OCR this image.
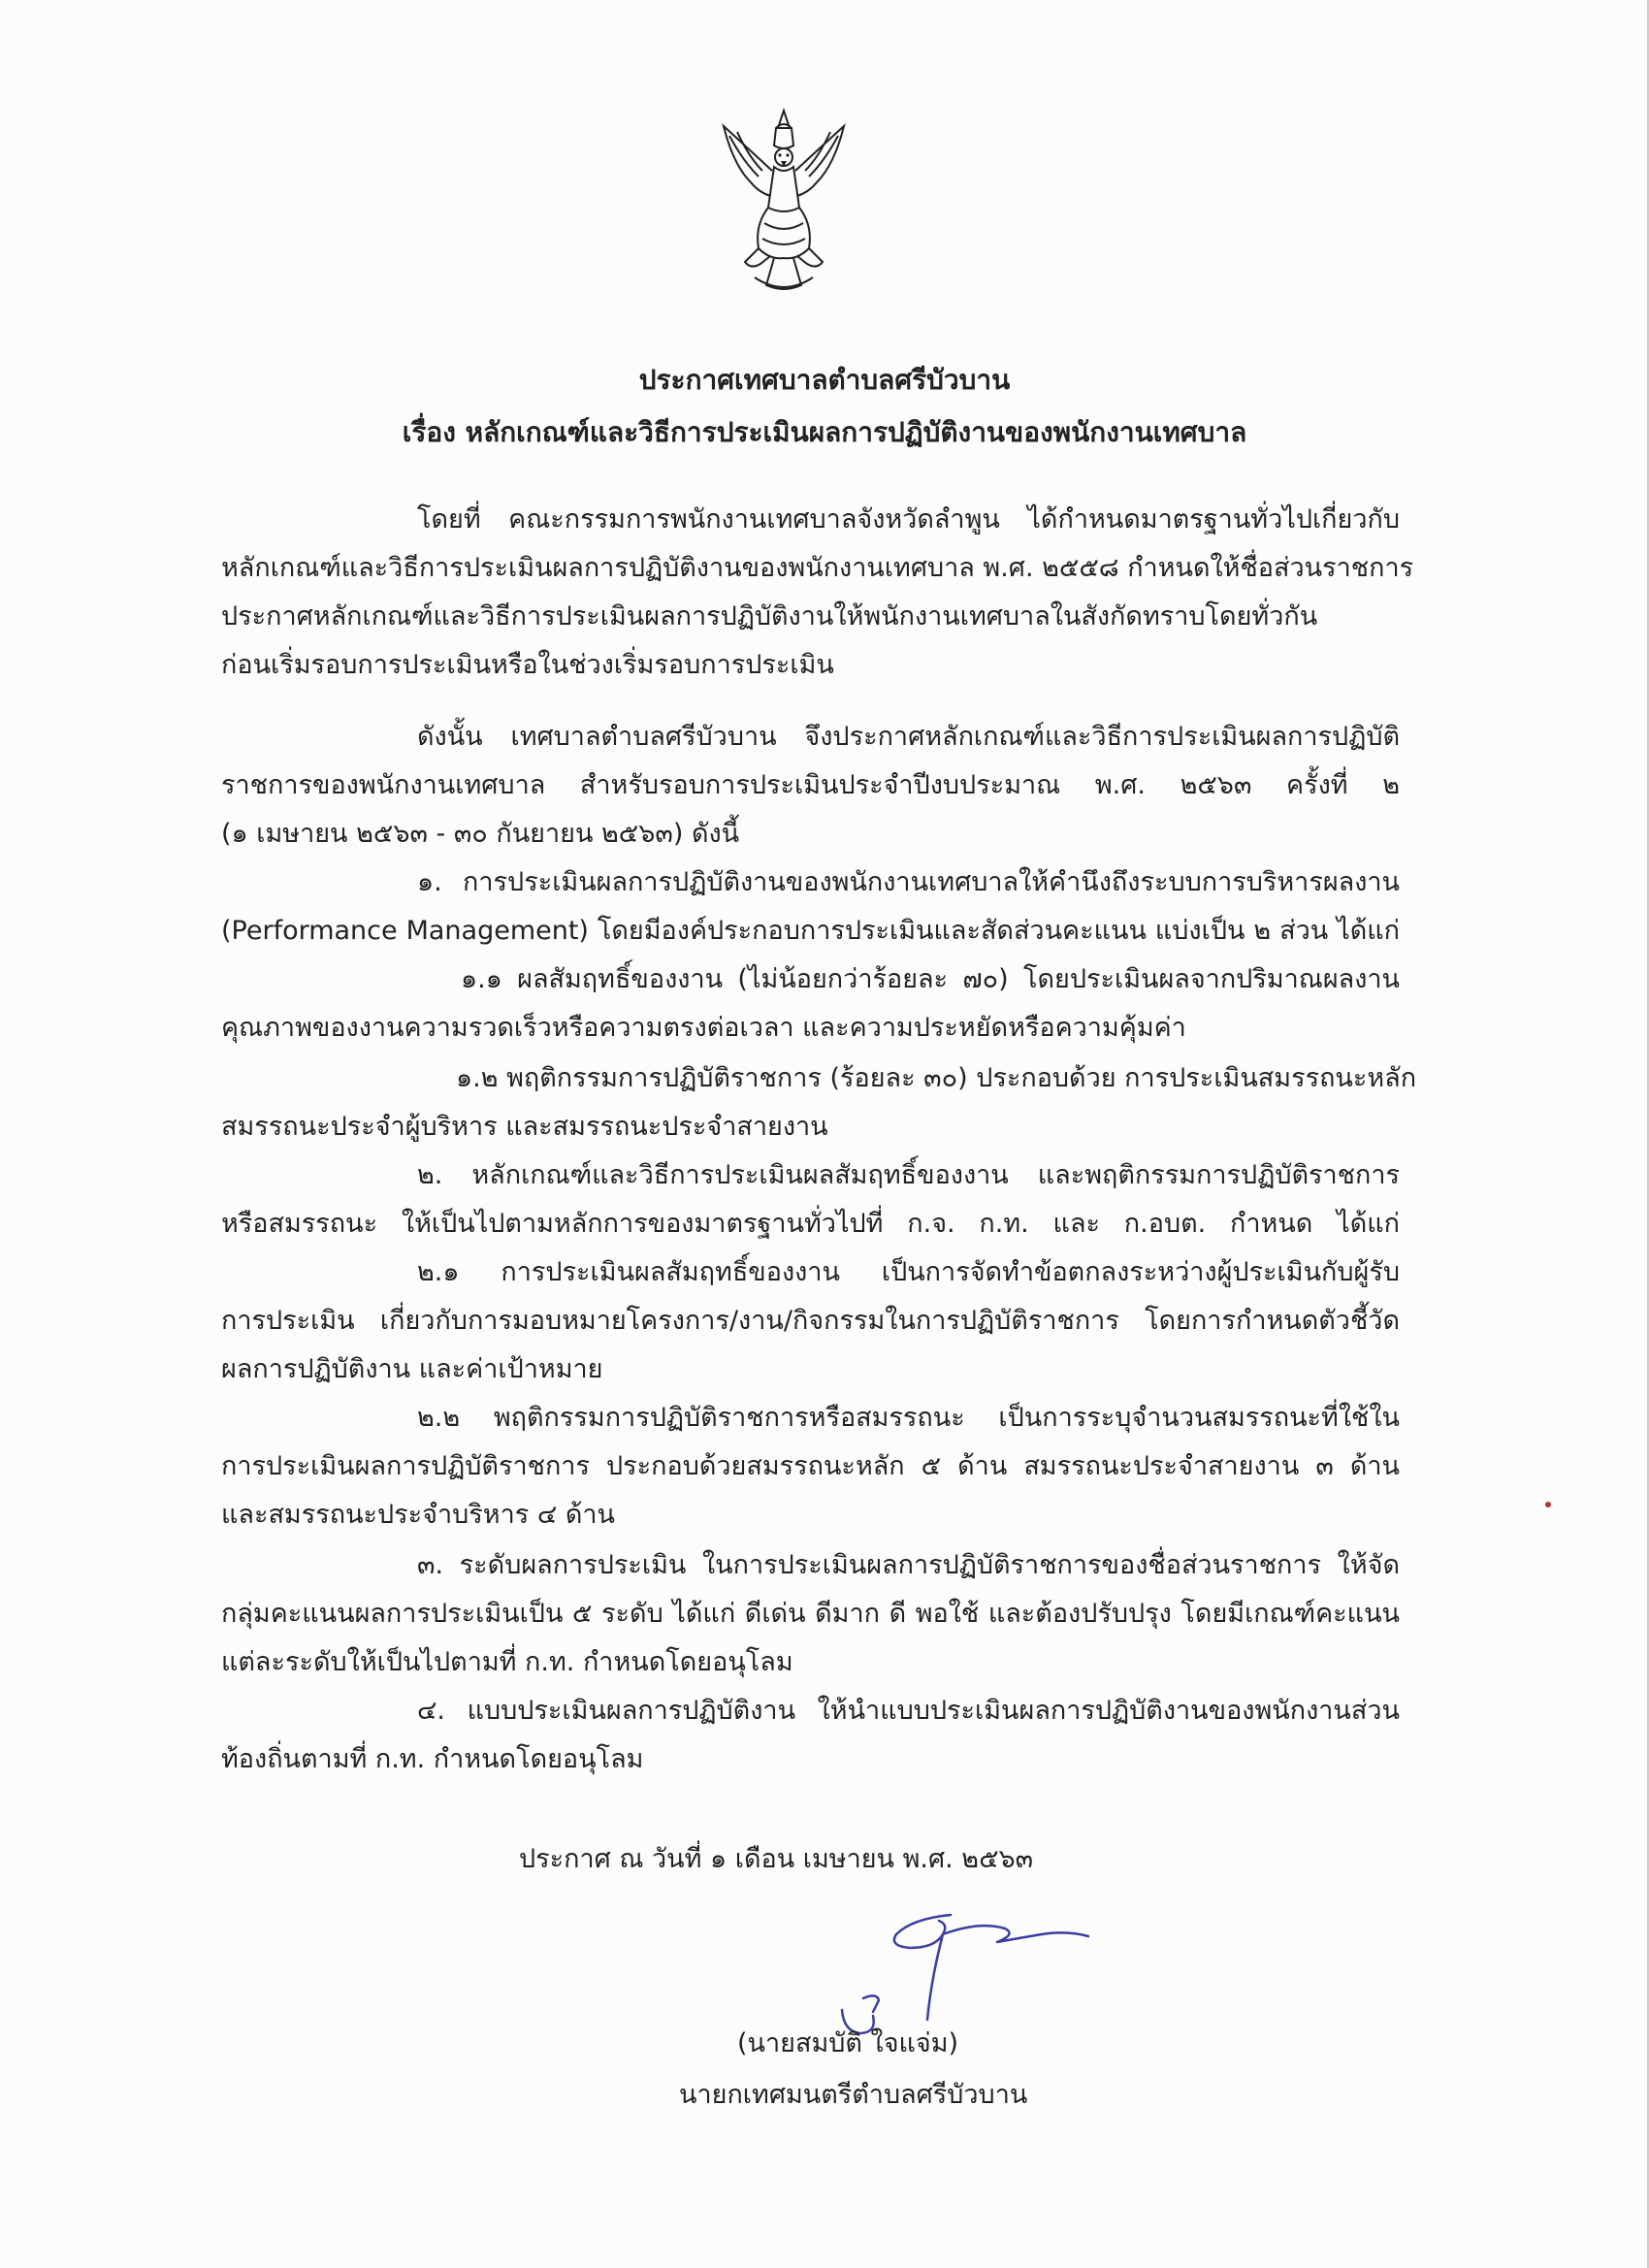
ประกาศเทศบาลตำบลศรีบัวบาน
เรื่อง หลักเกณฑ์และวิธีการประเมินผลการปฏิบัติงานของพนักงานเทศบาล
โดยที่ คณะกรรมการพนักงานเทศบาลจังหวัดลำพูน ได้กำหนดมาตรฐานทั่วไปเกี่ยวกับ
หลักเกณฑ์และวิธีการประเมินผลการปฏิบัติงานของพนักงานเทศบาล พ.ศ. ๒๕๕๘ กำหนดให้ชื่อส่วนราชการ
ประกาศหลักเกณฑ์และวิธีการประเมินผลการปฏิบัติงานให้พนักงานเทศบาลในสังกัดทราบโดยทั่วกัน
ก่อนเริ่มรอบการประเมินหรือในช่วงเริ่มรอบการประเมิน
ดังนั้น เทศบาลตำบลศรีบัวบาน จึงประกาศหลักเกณฑ์และวิธีการประเมินผลการปฏิบัติ
ราชการของพนักงานเทศบาล สำหรับรอบการประเมินประจำปีงบประมาณ พ.ศ. ๒๕๖๓ ครั้งที่ ๒
(๑ เมษายน ๒๕๖๓ - ๓๐ กันยายน ๒๕๖๓) ดังนี้
๑. การประเมินผลการปฏิบัติงานของพนักงานเทศบาลให้คำนึงถึงระบบการบริหารผลงาน
(Performance Management) โดยมีองค์ประกอบการประเมินและสัดส่วนคะแนน แบ่งเป็น ๒ ส่วน ได้แก่
๑.๑ ผลสัมฤทธิ์ของงาน (ไม่น้อยกว่าร้อยละ ๗๐) โดยประเมินผลจากปริมาณผลงาน
คุณภาพของงานความรวดเร็วหรือความตรงต่อเวลา และความประหยัดหรือความคุ้มค่า
๑.๒ พฤติกรรมการปฏิบัติราชการ (ร้อยละ ๓๐) ประกอบด้วย การประเมินสมรรถนะหลัก
สมรรถนะประจำผู้บริหาร และสมรรถนะประจำสายงาน
๒. หลักเกณฑ์และวิธีการประเมินผลสัมฤทธิ์ของงาน และพฤติกรรมการปฏิบัติราชการ
หรือสมรรถนะ ให้เป็นไปตามหลักการของมาตรฐานทั่วไปที่ ก.จ. ก.ท. และ ก.อบต. กำหนด ได้แก่
๒.๑ การประเมินผลสัมฤทธิ์ของงาน เป็นการจัดทำข้อตกลงระหว่างผู้ประเมินกับผู้รับ
การประเมิน เกี่ยวกับการมอบหมายโครงการ/งาน/กิจกรรมในการปฏิบัติราชการ โดยการกำหนดตัวชี้วัด
ผลการปฏิบัติงาน และค่าเป้าหมาย
๒.๒ พฤติกรรมการปฏิบัติราชการหรือสมรรถนะ เป็นการระบุจำนวนสมรรถนะที่ใช้ใน
การประเมินผลการปฏิบัติราชการ ประกอบด้วยสมรรถนะหลัก ๕ ด้าน สมรรถนะประจำสายงาน ๓ ด้าน
และสมรรถนะประจำบริหาร ๔ ด้าน
๓. ระดับผลการประเมิน ในการประเมินผลการปฏิบัติราชการของชื่อส่วนราชการ ให้จัด
กลุ่มคะแนนผลการประเมินเป็น ๕ ระดับ ได้แก่ ดีเด่น ดีมาก ดี พอใช้ และต้องปรับปรุง โดยมีเกณฑ์คะแนน
แต่ละระดับให้เป็นไปตามที่ ก.ท. กำหนดโดยอนุโลม
๔. แบบประเมินผลการปฏิบัติงาน ให้นำแบบประเมินผลการปฏิบัติงานของพนักงานส่วน
ท้องถิ่นตามที่ ก.ท. กำหนดโดยอนุโลม
ประกาศ ณ วันที่ ๑ เดือน เมษายน พ.ศ. ๒๕๖๓
(นายสมบัติ ใจแจ่ม)
นายกเทศมนตรีตำบลศรีบัวบาน
